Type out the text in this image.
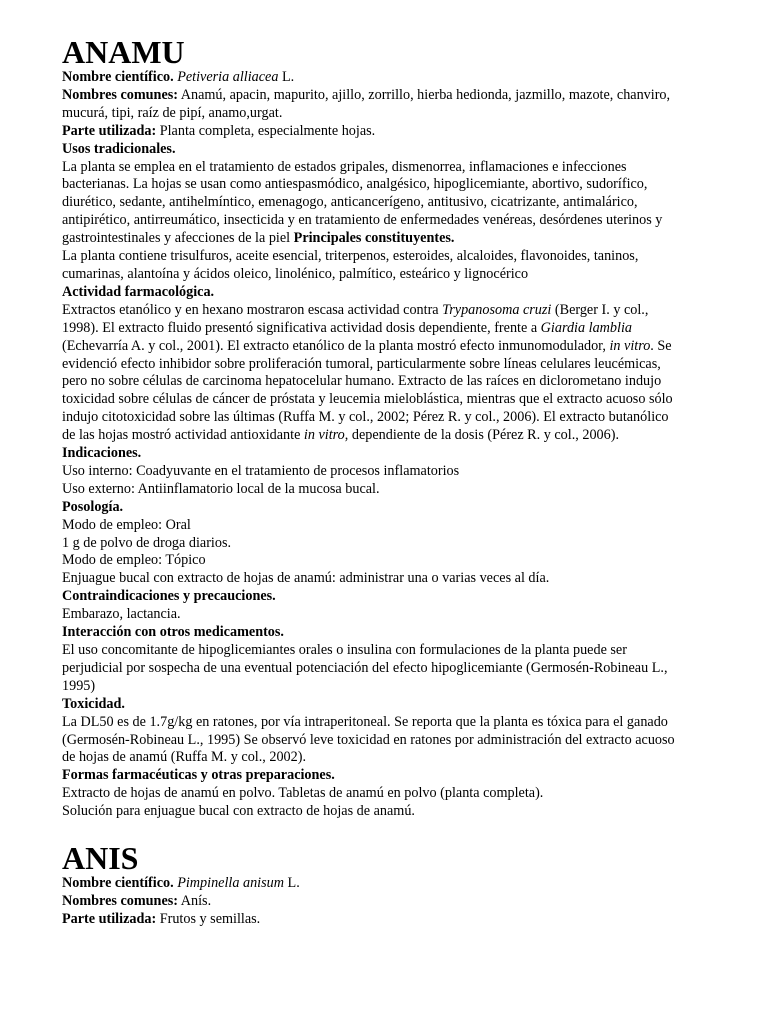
ANAMU

Nombre científico. Petiveria alliacea L.

Nombres comunes: Anamú, apacin, mapurito, ajillo, zorrillo, hierba hedionda, jazmillo, mazote, chanviro,

mucurá, tipi, raíz de pipí, anamo,urgat.

Parte utilizada: Planta completa, especialmente hojas.

Usos tradicionales.

La planta se emplea en el tratamiento de estados gripales, dismenorrea, inflamaciones e infecciones

bacterianas. La hojas se usan como antiespasmódico, analgésico, hipoglicemiante, abortivo, sudorífico,

diurético, sedante, antihelmíntico, emenagogo, anticancerígeno, antitusivo, cicatrizante, antimalárico,

antipirético, antirreumático, insecticida y en tratamiento de enfermedades venéreas, desórdenes uterinos y

gastrointestinales y afecciones de la piel Principales constituyentes.

La planta contiene trisulfuros, aceite esencial, triterpenos, esteroides, alcaloides, flavonoides, taninos,

cumarinas, alantoína y ácidos oleico, linolénico, palmítico, esteárico y lignocérico

Actividad farmacológica.

Extractos etanólico y en hexano mostraron escasa actividad contra Trypanosoma cruzi (Berger I. y col.,

1998). El extracto fluido presentó significativa actividad dosis dependiente, frente a Giardia lamblia

(Echevarría A. y col., 2001). El extracto etanólico de la planta mostró efecto inmunomodulador, in vitro. Se

evidenció efecto inhibidor sobre proliferación tumoral, particularmente sobre líneas celulares leucémicas,

pero no sobre células de carcinoma hepatocelular humano. Extracto de las raíces en diclorometano indujo

toxicidad sobre células de cáncer de próstata y leucemia mieloblástica, mientras que el extracto acuoso sólo

indujo citotoxicidad sobre las últimas (Ruffa M. y col., 2002; Pérez R. y col., 2006). El extracto butanólico

de las hojas mostró actividad antioxidante in vitro, dependiente de la dosis (Pérez R. y col., 2006).

Indicaciones.

Uso interno: Coadyuvante en el tratamiento de procesos inflamatorios

Uso externo: Antiinflamatorio local de la mucosa bucal.

Posología.

Modo de empleo: Oral

1 g de polvo de droga diarios.

Modo de empleo: Tópico

Enjuague bucal con extracto de hojas de anamú: administrar una o varias veces al día.

Contraindicaciones y precauciones.

Embarazo, lactancia.

Interacción con otros medicamentos.

El uso concomitante de hipoglicemiantes orales o insulina con formulaciones de la planta puede ser

perjudicial por sospecha de una eventual potenciación del efecto hipoglicemiante (Germosén-Robineau L.,

1995)

Toxicidad.

La DL50 es de 1.7g/kg en ratones, por vía intraperitoneal. Se reporta que la planta es tóxica para el ganado

(Germosén-Robineau L., 1995) Se observó leve toxicidad en ratones por administración del extracto acuoso

de hojas de anamú (Ruffa M. y col., 2002).

Formas farmacéuticas y otras preparaciones.

Extracto de hojas de anamú en polvo. Tabletas de anamú en polvo (planta completa).

Solución para enjuague bucal con extracto de hojas de anamú.

ANIS

Nombre científico. Pimpinella anisum L.

Nombres comunes: Anís.

Parte utilizada: Frutos y semillas.
